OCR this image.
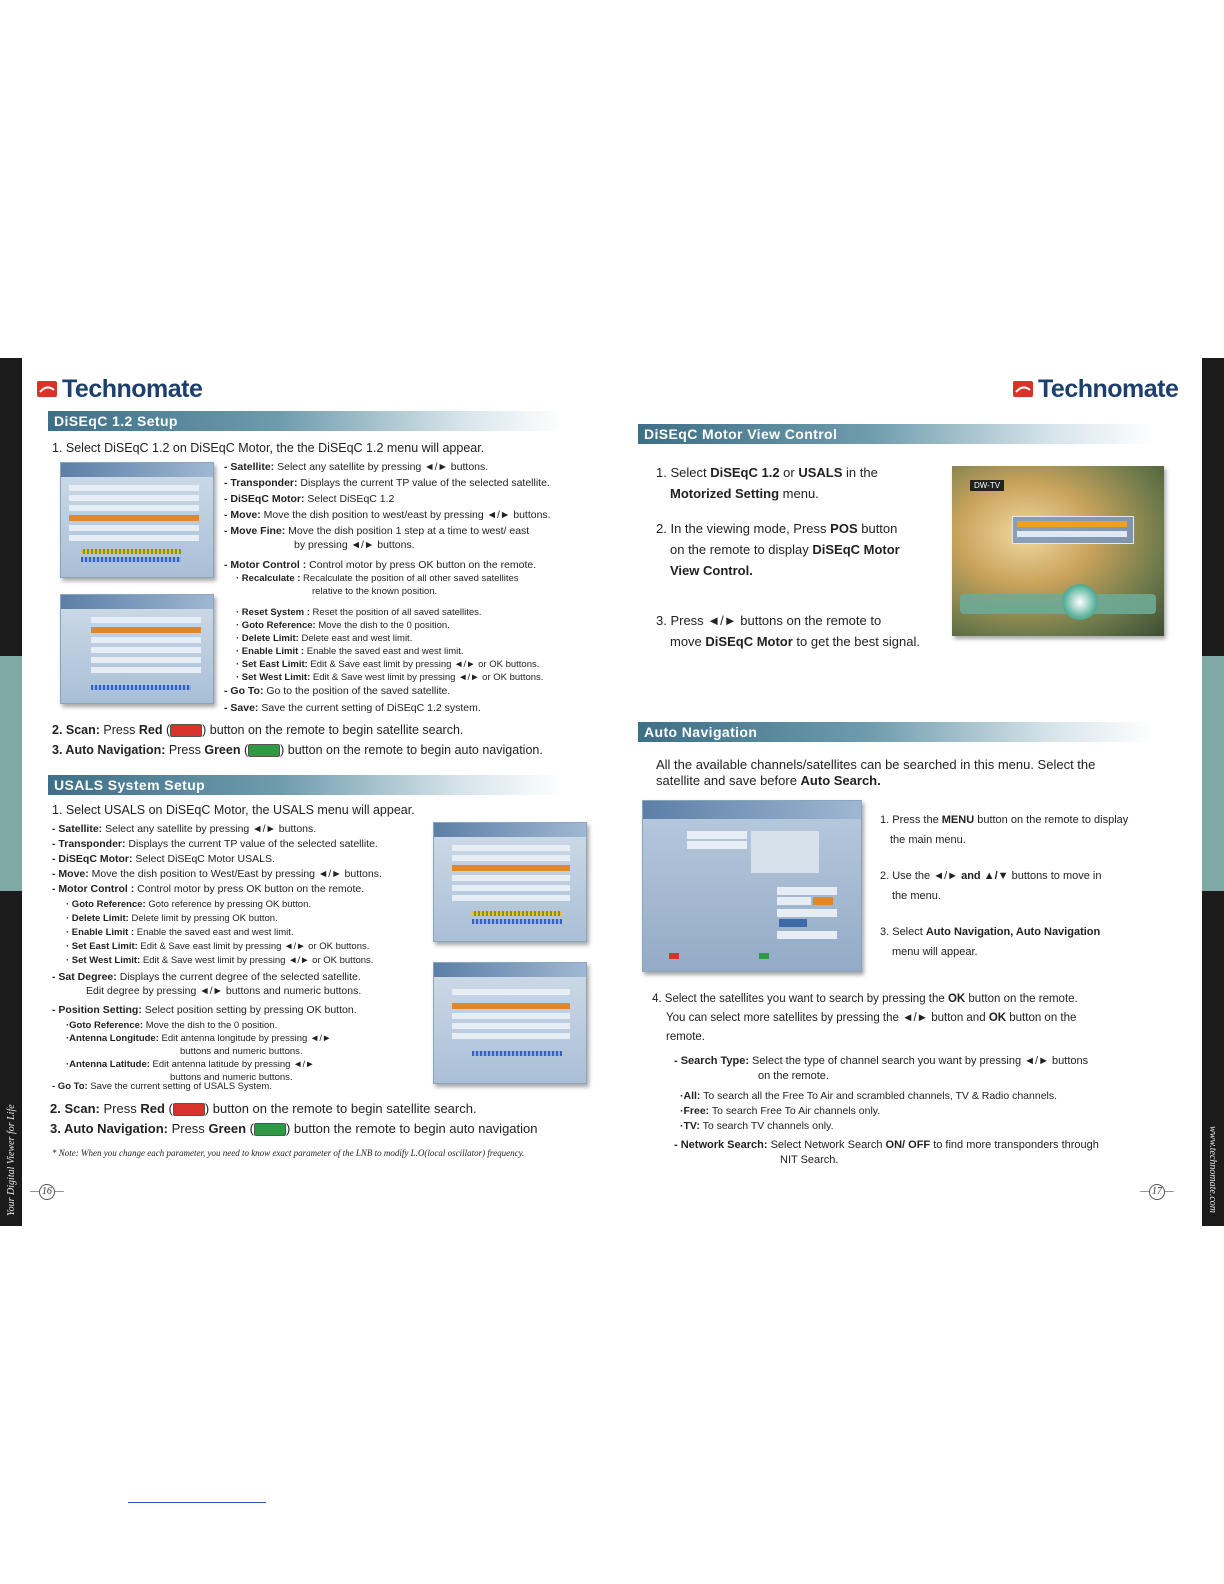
Your Digital Viewer for Life	www.technomate.com
Technomate	Technomate
DiSEqC 1.2 Setup
1. Select DiSEqC 1.2 on DiSEqC Motor, the the DiSEqC 1.2 menu will appear.
- Satellite: Select any satellite by pressing ◄/► buttons.
- Transponder: Displays the current TP value of the selected satellite.
- DiSEqC Motor: Select DiSEqC 1.2
- Move: Move the dish position to west/east by pressing ◄/► buttons.
- Move Fine: Move the dish position 1 step at a time to west/ east
by pressing ◄/► buttons.
- Motor Control : Control motor by press OK button on the remote.
· Recalculate : Recalculate the position of all other saved satellites
relative to the known position.
· Reset System : Reset the position of all saved satellites.
· Goto Reference: Move the dish to the 0 position.
· Delete Limit: Delete east and west limit.
· Enable Limit : Enable the saved east and west limit.
· Set East Limit: Edit & Save east limit by pressing ◄/► or OK buttons.
· Set West Limit: Edit & Save west limit by pressing ◄/► or OK buttons.
- Go To: Go to the position of the saved satellite.
- Save: Save the current setting of DiSEqC 1.2 system.
2. Scan: Press Red (	) button on the remote to begin satellite search.
3. Auto Navigation: Press Green (	) button on the remote to begin auto navigation.
USALS System Setup
1. Select USALS on DiSEqC Motor, the USALS menu will appear.
- Satellite: Select any satellite by pressing ◄/► buttons.
- Transponder: Displays the current TP value of the selected satellite.
- DiSEqC Motor: Select DiSEqC Motor USALS.
- Move: Move the dish position to West/East by pressing ◄/► buttons.
- Motor Control : Control motor by press OK button on the remote.
· Goto Reference: Goto reference by pressing OK button.
· Delete Limit: Delete limit by pressing OK button.
· Enable Limit : Enable the saved east and west limit.
· Set East Limit: Edit & Save east limit by pressing ◄/► or OK buttons.
· Set West Limit: Edit & Save west limit by pressing ◄/► or OK buttons.
- Sat Degree: Displays the current degree of the selected satellite.
Edit degree by pressing ◄/► buttons and numeric buttons.
- Position Setting: Select position setting by pressing OK button.
·Goto Reference: Move the dish to the 0 position.
·Antenna Longitude: Edit antenna longitude by pressing ◄/►
buttons and numeric buttons.
·Antenna Latitude: Edit antenna latitude by pressing ◄/►
buttons and numeric buttons.
- Go To: Save the current setting of USALS System.
2. Scan: Press Red ( ) button on the remote to begin satellite search.
3. Auto Navigation: Press Green ( ) button the remote to begin auto navigation
* Note: When you change each parameter, you need to know exact parameter of the LNB to modify L.O(local oscillator) frequency.
— 16 —
DiSEqC Motor View Control
1. Select DiSEqC 1.2 or USALS in the
Motorized Setting menu.
2. In the viewing mode, Press POS button
on the remote to display DiSEqC Motor
View Control.
3. Press ◄/► buttons on the remote to
move DiSEqC Motor to get the best signal.
DW-TV
Auto Navigation
All the available channels/satellites can be searched in this menu. Select the
satellite and save before Auto Search.
1. Press the MENU button on the remote to display
the main menu.
2. Use the ◄/► and ▲/▼ buttons to move in
the menu.
3. Select Auto Navigation, Auto Navigation
menu will appear.
4. Select the satellites you want to search by pressing the OK button on the remote.
You can select more satellites by pressing the ◄/► button and OK button on the
remote.
- Search Type: Select the type of channel search you want by pressing ◄/► buttons
on the remote.
·All: To search all the Free To Air and scrambled channels, TV & Radio channels.
·Free: To search Free To Air channels only.
·TV: To search TV channels only.
- Network Search: Select Network Search ON/ OFF to find more transponders through
NIT Search.
— 17 —
